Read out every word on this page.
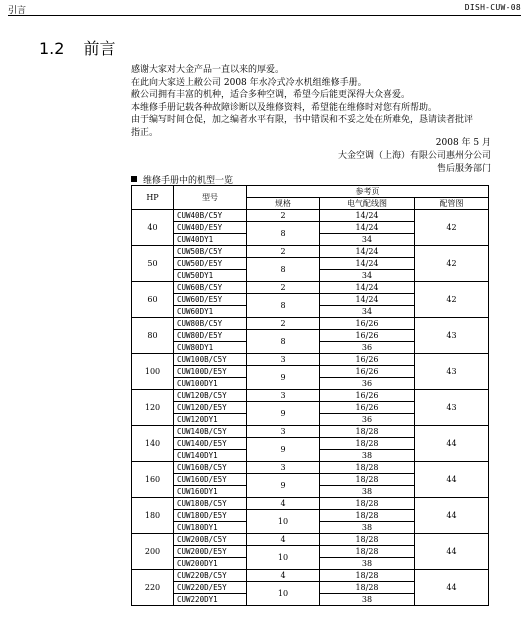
引言	DISH-CUW-08
1.2 前言

感谢大家对大金产品一直以来的厚爱。

在此向大家送上敝公司 2008 年水冷式冷水机组维修手册。

敝公司拥有丰富的机种，适合多种空调，希望今后能更深得大众喜爱。

本维修手册记载各种故障诊断以及维修资料，希望能在维修时对您有所帮助。

由于编写时间仓促，加之编者水平有限，书中错误和不妥之处在所难免，恳请读者批评

指正。

2008 年 5 月
大金空调（上海）有限公司惠州分公司
售后服务部门
维修手册中的机型一览
HP	型号	参考页		
		规格	电气配线图	配管图
40	CUW40B/C5Y	2	14/24	42
	CUW40D/E5Y	8	14/24	
	CUW40DY1		34	
50	CUW50B/C5Y	2	14/24	42
	CUW50D/E5Y	8	14/24	
	CUW50DY1		34	
60	CUW60B/C5Y	2	14/24	42
	CUW60D/E5Y	8	14/24	
	CUW60DY1		34	
80	CUW80B/C5Y	2	16/26	43
	CUW80D/E5Y	8	16/26	
	CUW80DY1		36	
100	CUW100B/C5Y	3	16/26	43
	CUW100D/E5Y	9	16/26	
	CUW100DY1		36	
120	CUW120B/C5Y	3	16/26	43
	CUW120D/E5Y	9	16/26	
	CUW120DY1		36	
140	CUW140B/C5Y	3	18/28	44
	CUW140D/E5Y	9	18/28	
	CUW140DY1		38	
160	CUW160B/C5Y	3	18/28	44
	CUW160D/E5Y	9	18/28	
	CUW160DY1		38	
180	CUW180B/C5Y	4	18/28	44
	CUW180D/E5Y	10	18/28	
	CUW180DY1		38	
200	CUW200B/C5Y	4	18/28	44
	CUW200D/E5Y	10	18/28	
	CUW200DY1		38	
220	CUW220B/C5Y	4	18/28	44
	CUW220D/E5Y	10	18/28	
	CUW220DY1		38	
